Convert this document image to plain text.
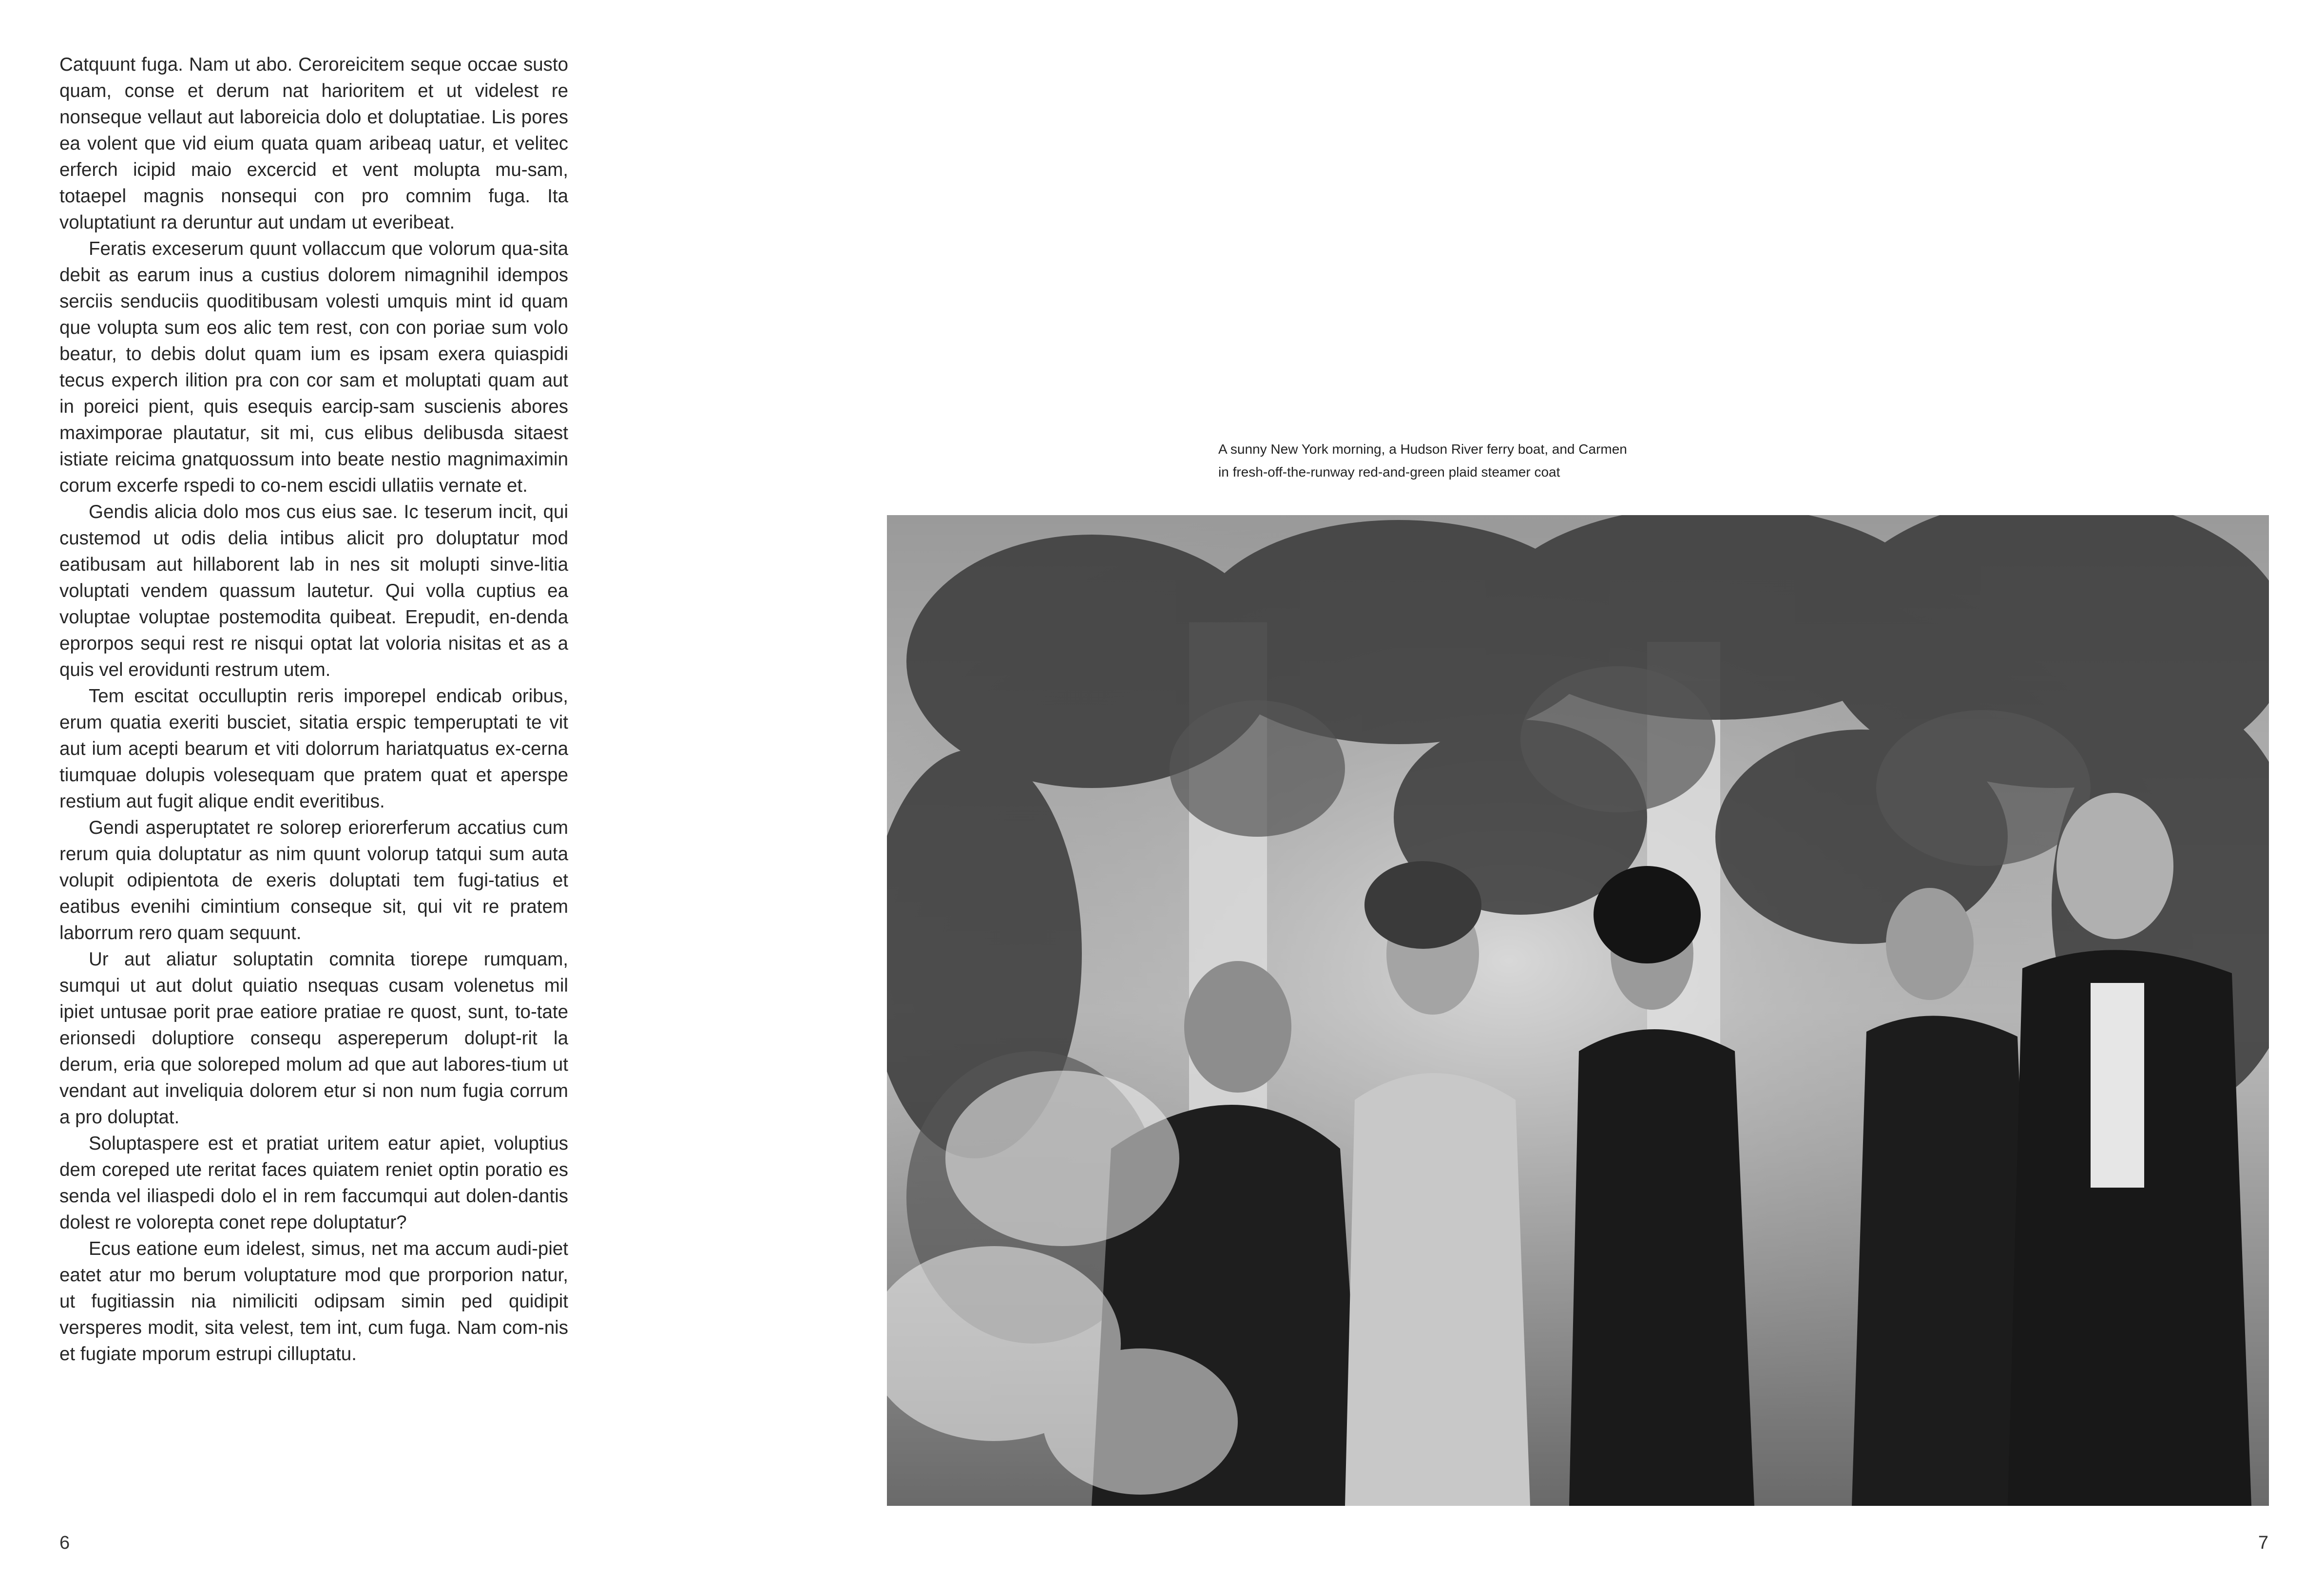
Catquunt fuga. Nam ut abo. Ceroreicitem seque occae susto quam, conse et derum nat harioritem et ut videlest re nonseque vellaut aut laboreicia dolo et doluptatiae. Lis pores ea volent que vid eium quata quam aribeaq uatur, et velitec erferch icipid maio excercid et vent molupta mu-sam, totaepel magnis nonsequi con pro comnim fuga. Ita voluptatiunt ra deruntur aut undam ut everibeat.

Feratis exceserum quunt vollaccum que volorum qua-sita debit as earum inus a custius dolorem nimagnihil idempos serciis senduciis quoditibusam volesti umquis mint id quam que volupta sum eos alic tem rest, con con poriae sum volo beatur, to debis dolut quam ium es ipsam exera quiaspidi tecus experch ilition pra con cor sam et moluptati quam aut in poreici pient, quis esequis earcip-sam suscienis abores maximporae plautatur, sit mi, cus elibus delibusda sitaest istiate reicima gnatquossum into beate nestio magnimaximin corum excerfe rspedi to co-nem escidi ullatiis vernate et.

Gendis alicia dolo mos cus eius sae. Ic teserum incit, qui custemod ut odis delia intibus alicit pro doluptatur mod eatibusam aut hillaborent lab in nes sit molupti sinve-litia voluptati vendem quassum lautetur. Qui volla cuptius ea voluptae voluptae postemodita quibeat. Erepudit, en-denda eprorpos sequi rest re nisqui optat lat voloria nisitas et as a quis vel erovidunti restrum utem.

Tem escitat occulluptin reris imporepel endicab oribus, erum quatia exeriti busciet, sitatia erspic temperuptati te vit aut ium acepti bearum et viti dolorrum hariatquatus ex-cerna tiumquae dolupis volesequam que pratem quat et aperspe restium aut fugit alique endit everitibus.

Gendi asperuptatet re solorep eriorerferum accatius cum rerum quia doluptatur as nim quunt volorup tatqui sum auta volupit odipientota de exeris doluptati tem fugi-tatius et eatibus evenihi cimintium conseque sit, qui vit re pratem laborrum rero quam sequunt.

Ur aut aliatur soluptatin comnita tiorepe rumquam, sumqui ut aut dolut quiatio nsequas cusam volenetus mil ipiet untusae porit prae eatiore pratiae re quost, sunt, to-tate erionsedi doluptiore consequ aspereperum dolupt-rit la derum, eria que soloreped molum ad que aut labores-tium ut vendant aut inveliquia dolorem etur si non num fugia corrum a pro doluptat.

Soluptaspere est et pratiat uritem eatur apiet, voluptius dem coreped ute reritat faces quiatem reniet optin poratio es senda vel iliaspedi dolo el in rem faccumqui aut dolen-dantis dolest re volorepta conet repe doluptatur?

Ecus eatione eum idelest, simus, net ma accum audi-piet eatet atur mo berum voluptature mod que prorporion natur, ut fugitiassin nia nimiliciti odipsam simin ped quidipit versperes modit, sita velest, tem int, cum fuga. Nam com-nis et fugiate mporum estrupi cilluptatu.

6
A sunny New York morning, a Hudson River ferry boat, and Carmen
in fresh-off-the-runway red-and-green plaid steamer coat
7
